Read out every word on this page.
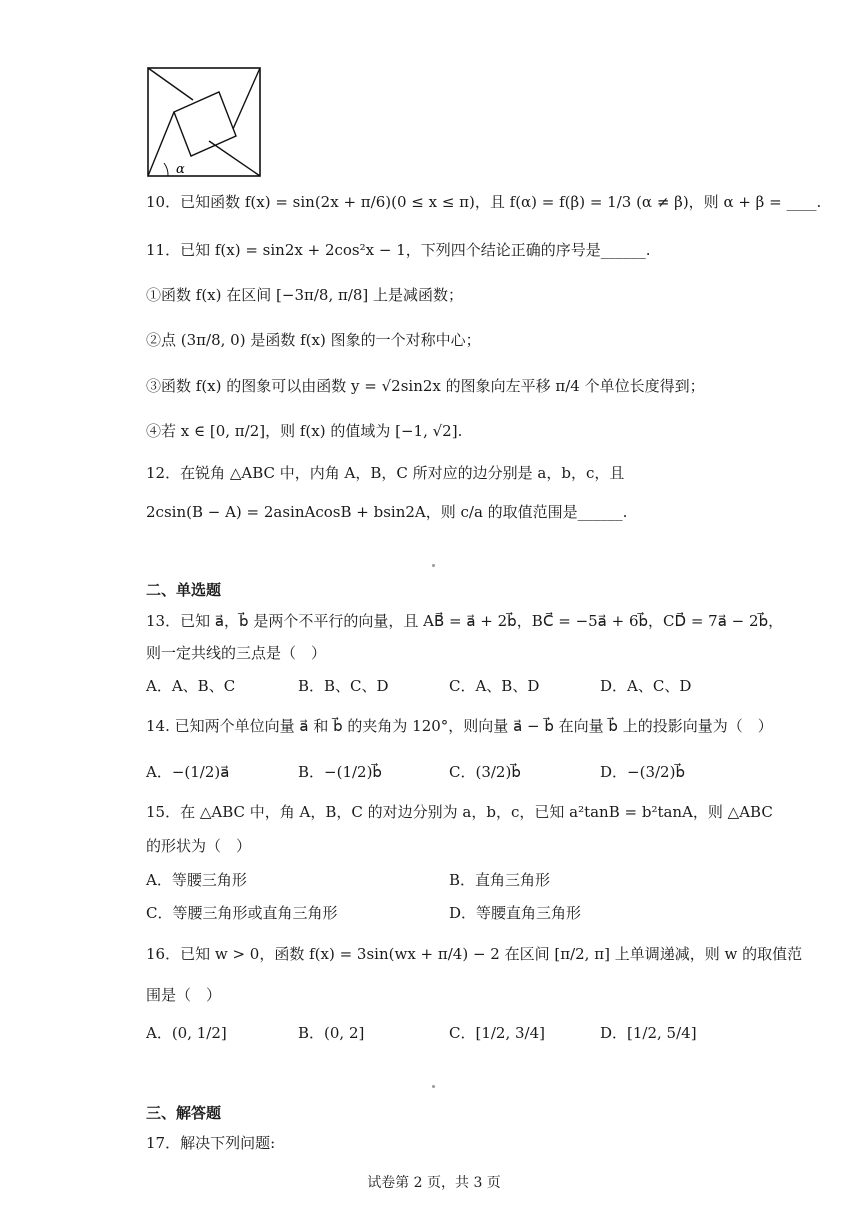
α
10．已知函数 f(x) = sin(2x + π/6)(0 ≤ x ≤ π)，且 f(α) = f(β) = 1/3 (α ≠ β)，则 α + β = ____.
11．已知 f(x) = sin2x + 2cos²x − 1，下列四个结论正确的序号是______.
①函数 f(x) 在区间 [−3π/8, π/8] 上是减函数；
②点 (3π/8, 0) 是函数 f(x) 图象的一个对称中心；
③函数 f(x) 的图象可以由函数 y = √2sin2x 的图象向左平移 π/4 个单位长度得到；
④若 x ∈ [0, π/2]，则 f(x) 的值域为 [−1, √2].
12．在锐角 △ABC 中，内角 A，B，C 所对应的边分别是 a，b，c，且
2csin(B − A) = 2asinAcosB + bsin2A，则 c/a 的取值范围是______.
二、单选题
13．已知 a⃗，b⃗ 是两个不平行的向量，且 AB⃗ = a⃗ + 2b⃗，BC⃗ = −5a⃗ + 6b⃗，CD⃗ = 7a⃗ − 2b⃗，
则一定共线的三点是（　）
A．A、B、C	B．B、C、D	C．A、B、D	D．A、C、D
14. 已知两个单位向量 a⃗ 和 b⃗ 的夹角为 120°，则向量 a⃗ − b⃗ 在向量 b⃗ 上的投影向量为（　）
A．−(1/2)a⃗	B．−(1/2)b⃗	C．(3/2)b⃗	D．−(3/2)b⃗
15．在 △ABC 中，角 A，B，C 的对边分别为 a，b，c，已知 a²tanB = b²tanA，则 △ABC
的形状为（　）
A．等腰三角形	B．直角三角形
C．等腰三角形或直角三角形	D．等腰直角三角形
16．已知 w > 0，函数 f(x) = 3sin(wx + π/4) − 2 在区间 [π/2, π] 上单调递减，则 w 的取值范
围是（　）
A．(0, 1/2]	B．(0, 2]	C．[1/2, 3/4]	D．[1/2, 5/4]
三、解答题
17．解决下列问题:
试卷第 2 页，共 3 页
